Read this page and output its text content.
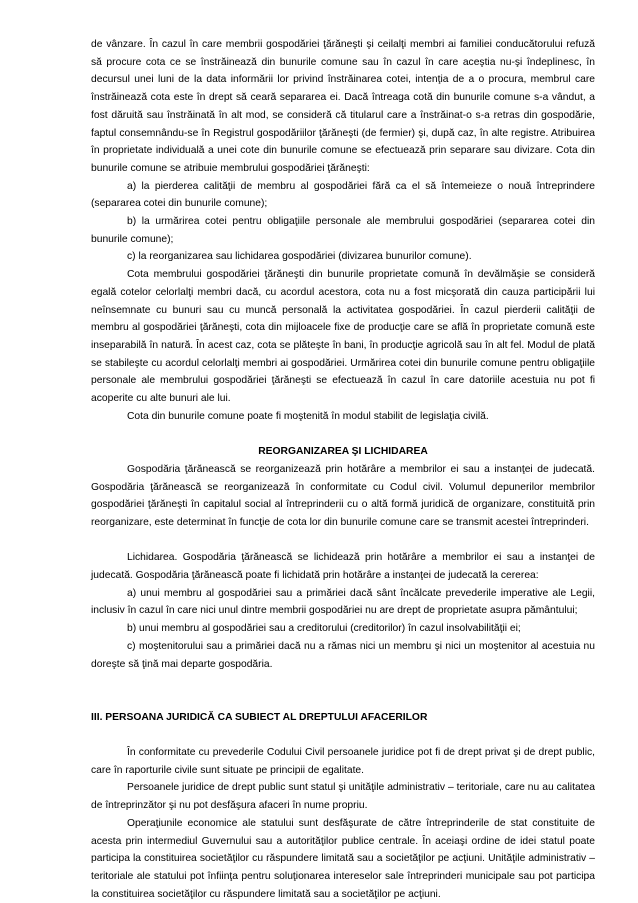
de vânzare. În cazul în care membrii gospodăriei ţărăneşti şi ceilalţi membri ai familiei conducătorului refuză să procure cota ce se înstrăinează din bunurile comune sau în cazul în care aceştia nu-şi îndeplinesc, în decursul unei luni de la data informării lor privind înstrăinarea cotei, intenţia de a o procura, membrul care înstrăinează cota este în drept să ceară separarea ei. Dacă întreaga cotă din bunurile comune s-a vândut, a fost dăruită sau înstrăinată în alt mod, se consideră că titularul care a înstrăinat-o s-a retras din gospodărie, faptul consemnându-se în Registrul gospodăriilor ţărăneşti (de fermier) şi, după caz, în alte registre. Atribuirea în proprietate individuală a unei cote din bunurile comune se efectuează prin separare sau divizare. Cota din bunurile comune se atribuie membrului gospodăriei ţărăneşti:

a) la pierderea calităţii de membru al gospodăriei fără ca el să întemeieze o nouă întreprindere (separarea cotei din bunurile comune);

b) la urmărirea cotei pentru obligaţiile personale ale membrului gospodăriei (separarea cotei din bunurile comune);

c) la reorganizarea sau lichidarea gospodăriei (divizarea bunurilor comune).

Cota membrului gospodăriei ţărăneşti din bunurile proprietate comună în devălmăşie se consideră egală cotelor celorlalţi membri dacă, cu acordul acestora, cota nu a fost micşorată din cauza participării lui neînsemnate cu bunuri sau cu muncă personală la activitatea gospodăriei. În cazul pierderii calităţii de membru al gospodăriei ţărăneşti, cota din mijloacele fixe de producţie care se află în proprietate comună este inseparabilă în natură. În acest caz, cota se plăteşte în bani, în producţie agricolă sau în alt fel. Modul de plată se stabileşte cu acordul celorlalţi membri ai gospodăriei. Urmărirea cotei din bunurile comune pentru obligaţiile personale ale membrului gospodăriei ţărăneşti se efectuează în cazul în care datoriile acestuia nu pot fi acoperite cu alte bunuri ale lui.

Cota din bunurile comune poate fi moştenită în modul stabilit de legislaţia civilă.

REORGANIZAREA ŞI LICHIDAREA

Gospodăria ţărănească se reorganizează prin hotărâre a membrilor ei sau a instanţei de judecată. Gospodăria ţărănească se reorganizează în conformitate cu Codul civil. Volumul depunerilor membrilor gospodăriei ţărăneşti în capitalul social al întreprinderii cu o altă formă juridică de organizare, constituită prin reorganizare, este determinat în funcţie de cota lor din bunurile comune care se transmit acestei întreprinderi.

Lichidarea. Gospodăria ţărănească se lichidează prin hotărâre a membrilor ei sau a instanţei de judecată. Gospodăria ţărănească poate fi lichidată prin hotărâre a instanţei de judecată la cererea:

a) unui membru al gospodăriei sau a primăriei dacă sânt încălcate prevederile imperative ale Legii, inclusiv în cazul în care nici unul dintre membrii gospodăriei nu are drept de proprietate asupra pământului;

b) unui membru al gospodăriei sau a creditorului (creditorilor) în cazul insolvabilităţii ei;

c) moştenitorului sau a primăriei dacă nu a rămas nici un membru şi nici un moştenitor al acestuia nu doreşte să ţină mai departe gospodăria.

III. PERSOANA JURIDICĂ CA SUBIECT AL DREPTULUI AFACERILOR

În conformitate cu prevederile Codului Civil persoanele juridice pot fi de drept privat şi de drept public, care în raporturile civile sunt situate pe principii de egalitate.

Persoanele juridice de drept public sunt statul şi unităţile administrativ – teritoriale, care nu au calitatea de întreprinzător şi nu pot desfăşura afaceri în nume propriu.

Operaţiunile economice ale statului sunt desfăşurate de către întreprinderile de stat constituite de acesta prin intermediul Guvernului sau a autorităţilor publice centrale. În aceiaşi ordine de idei statul poate participa la constituirea societăţilor cu răspundere limitată sau a societăţilor pe acţiuni. Unităţile administrativ – teritoriale ale statului pot înfiinţa pentru soluţionarea intereselor sale întreprinderi municipale sau pot participa la constituirea societăţilor cu răspundere limitată sau a societăţilor pe acţiuni.
